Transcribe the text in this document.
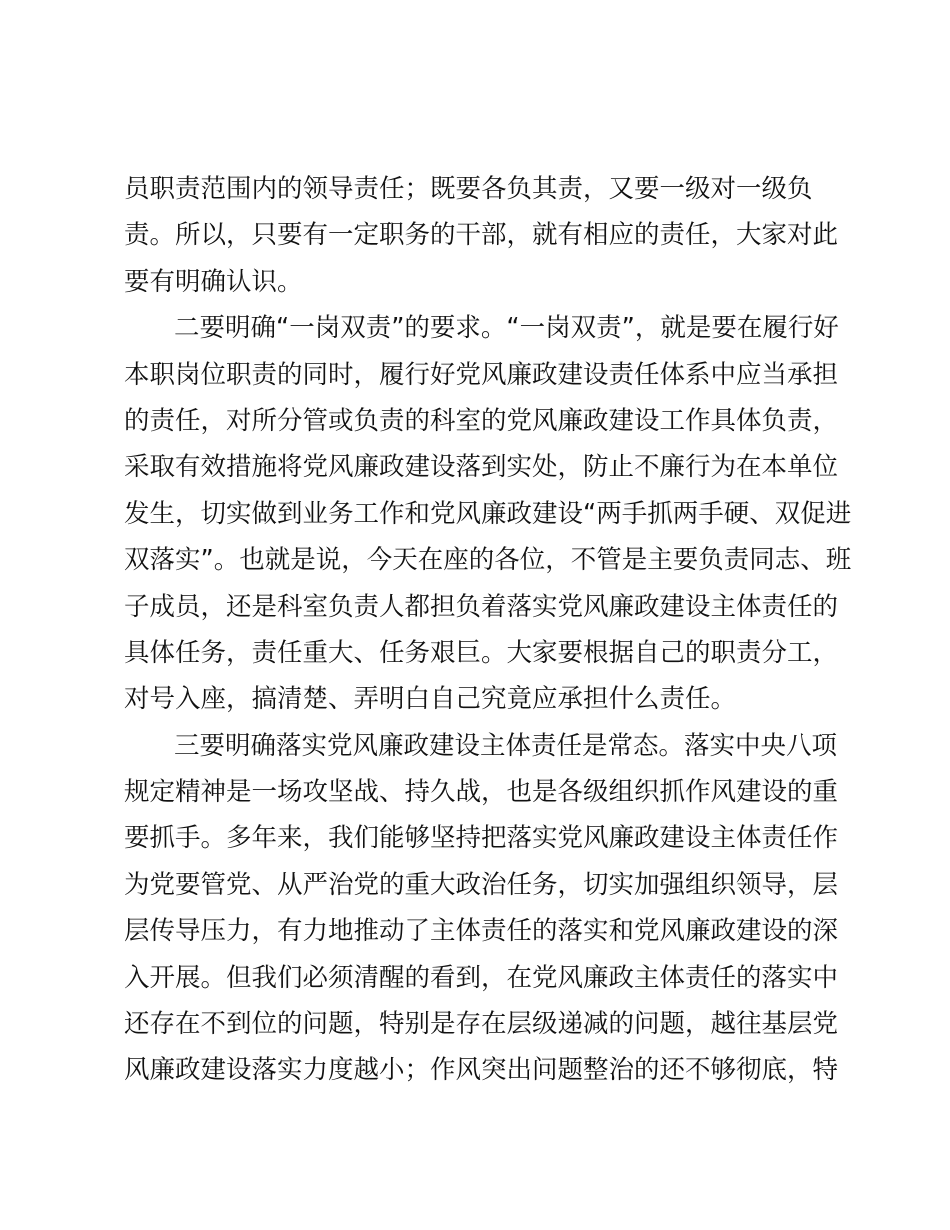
员职责范围内的领导责任；既要各负其责，又要一级对一级负
责。所以，只要有一定职务的干部，就有相应的责任，大家对此
要有明确认识。
二要明确“一岗双责”的要求。“一岗双责”，就是要在履行好
本职岗位职责的同时，履行好党风廉政建设责任体系中应当承担
的责任，对所分管或负责的科室的党风廉政建设工作具体负责，
采取有效措施将党风廉政建设落到实处，防止不廉行为在本单位
发生，切实做到业务工作和党风廉政建设“两手抓两手硬、双促进
双落实”。也就是说，今天在座的各位，不管是主要负责同志、班
子成员，还是科室负责人都担负着落实党风廉政建设主体责任的
具体任务，责任重大、任务艰巨。大家要根据自己的职责分工，
对号入座，搞清楚、弄明白自己究竟应承担什么责任。
三要明确落实党风廉政建设主体责任是常态。落实中央八项
规定精神是一场攻坚战、持久战，也是各级组织抓作风建设的重
要抓手。多年来，我们能够坚持把落实党风廉政建设主体责任作
为党要管党、从严治党的重大政治任务，切实加强组织领导，层
层传导压力，有力地推动了主体责任的落实和党风廉政建设的深
入开展。但我们必须清醒的看到，在党风廉政主体责任的落实中
还存在不到位的问题，特别是存在层级递减的问题，越往基层党
风廉政建设落实力度越小；作风突出问题整治的还不够彻底，特
